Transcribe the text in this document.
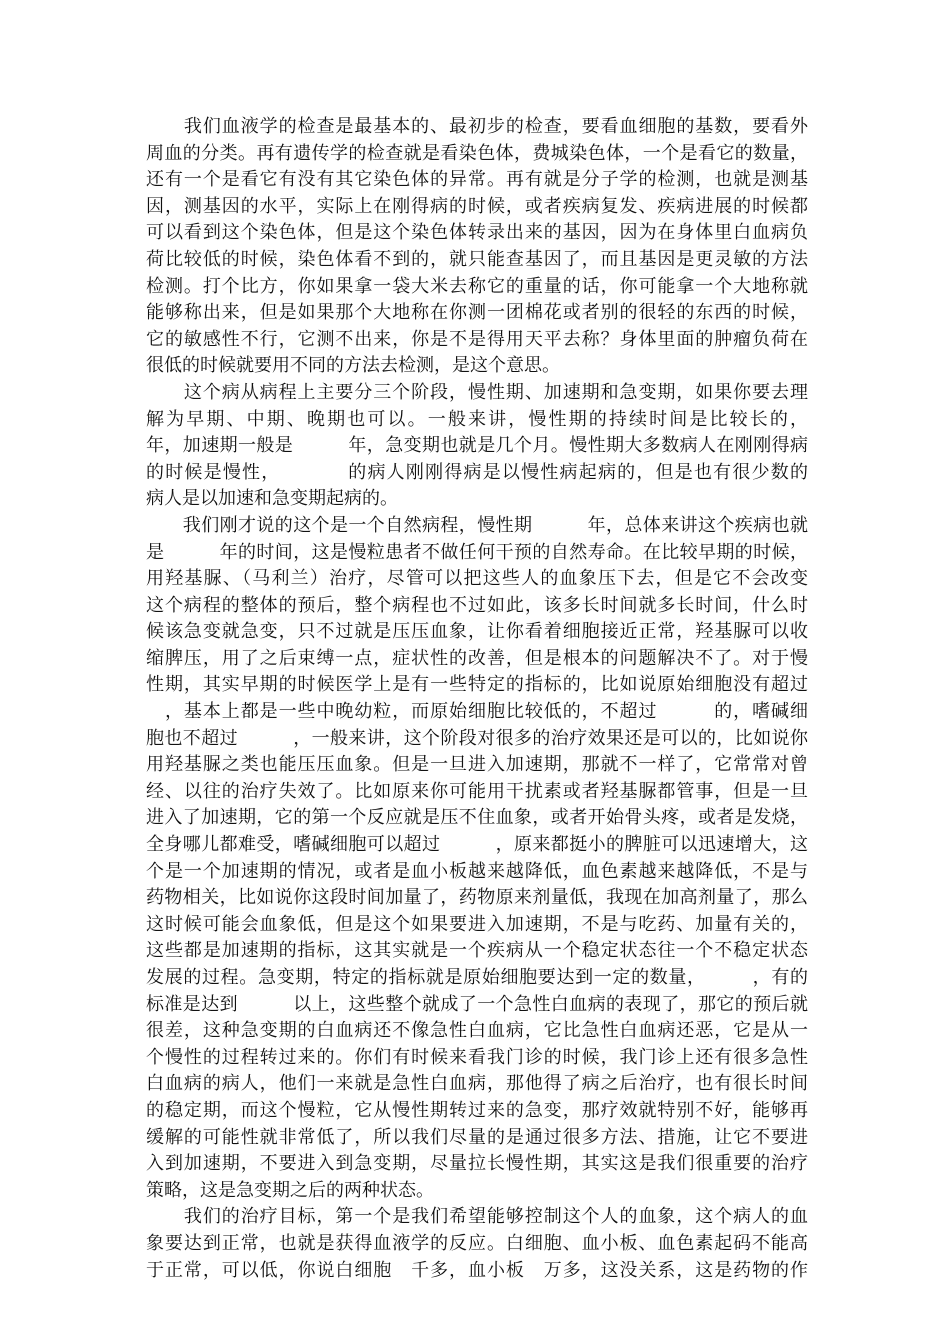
　　我们血液学的检查是最基本的、最初步的检查，要看血细胞的基数，要看外
周血的分类。再有遗传学的检查就是看染色体，费城染色体，一个是看它的数量，
还有一个是看它有没有其它染色体的异常。再有就是分子学的检测，也就是测基
因，测基因的水平，实际上在刚得病的时候，或者疾病复发、疾病进展的时候都
可以看到这个染色体，但是这个染色体转录出来的基因，因为在身体里白血病负
荷比较低的时候，染色体看不到的，就只能查基因了，而且基因是更灵敏的方法
检测。打个比方，你如果拿一袋大米去称它的重量的话，你可能拿一个大地称就
能够称出来，但是如果那个大地称在你测一团棉花或者别的很轻的东西的时候，
它的敏感性不行，它测不出来，你是不是得用天平去称？身体里面的肿瘤负荷在
很低的时候就要用不同的方法去检测，是这个意思。
　　这个病从病程上主要分三个阶段，慢性期、加速期和急变期，如果你要去理
解为早期、中期、晚期也可以。一般来讲，慢性期的持续时间是比较长的，
年，加速期一般是　　　年，急变期也就是几个月。慢性期大多数病人在刚刚得病
的时候是慢性，　　　　的病人刚刚得病是以慢性病起病的，但是也有很少数的
病人是以加速和急变期起病的。
　　我们刚才说的这个是一个自然病程，慢性期　　　年，总体来讲这个疾病也就
是　　　年的时间，这是慢粒患者不做任何干预的自然寿命。在比较早期的时候，
用羟基脲、（马利兰）治疗，尽管可以把这些人的血象压下去，但是它不会改变
这个病程的整体的预后，整个病程也不过如此，该多长时间就多长时间，什么时
候该急变就急变，只不过就是压压血象，让你看着细胞接近正常，羟基脲可以收
缩脾压，用了之后束缚一点，症状性的改善，但是根本的问题解决不了。对于慢
性期，其实早期的时候医学上是有一些特定的指标的，比如说原始细胞没有超过
　，基本上都是一些中晚幼粒，而原始细胞比较低的，不超过　　　的，嗜碱细
胞也不超过　　　，一般来讲，这个阶段对很多的治疗效果还是可以的，比如说你
用羟基脲之类也能压压血象。但是一旦进入加速期，那就不一样了，它常常对曾
经、以往的治疗失效了。比如原来你可能用干扰素或者羟基脲都管事，但是一旦
进入了加速期，它的第一个反应就是压不住血象，或者开始骨头疼，或者是发烧，
全身哪儿都难受，嗜碱细胞可以超过　　　，原来都挺小的脾脏可以迅速增大，这
个是一个加速期的情况，或者是血小板越来越降低，血色素越来越降低，不是与
药物相关，比如说你这段时间加量了，药物原来剂量低，我现在加高剂量了，那么
这时候可能会血象低，但是这个如果要进入加速期，不是与吃药、加量有关的，
这些都是加速期的指标，这其实就是一个疾病从一个稳定状态往一个不稳定状态
发展的过程。急变期，特定的指标就是原始细胞要达到一定的数量，　　　，有的
标准是达到　　　以上，这些整个就成了一个急性白血病的表现了，那它的预后就
很差，这种急变期的白血病还不像急性白血病，它比急性白血病还恶，它是从一
个慢性的过程转过来的。你们有时候来看我门诊的时候，我门诊上还有很多急性
白血病的病人，他们一来就是急性白血病，那他得了病之后治疗，也有很长时间
的稳定期，而这个慢粒，它从慢性期转过来的急变，那疗效就特别不好，能够再
缓解的可能性就非常低了，所以我们尽量的是通过很多方法、措施，让它不要进
入到加速期，不要进入到急变期，尽量拉长慢性期，其实这是我们很重要的治疗
策略，这是急变期之后的两种状态。
　　我们的治疗目标，第一个是我们希望能够控制这个人的血象，这个病人的血
象要达到正常，也就是获得血液学的反应。白细胞、血小板、血色素起码不能高
于正常，可以低，你说白细胞　千多，血小板　万多，这没关系，这是药物的作
